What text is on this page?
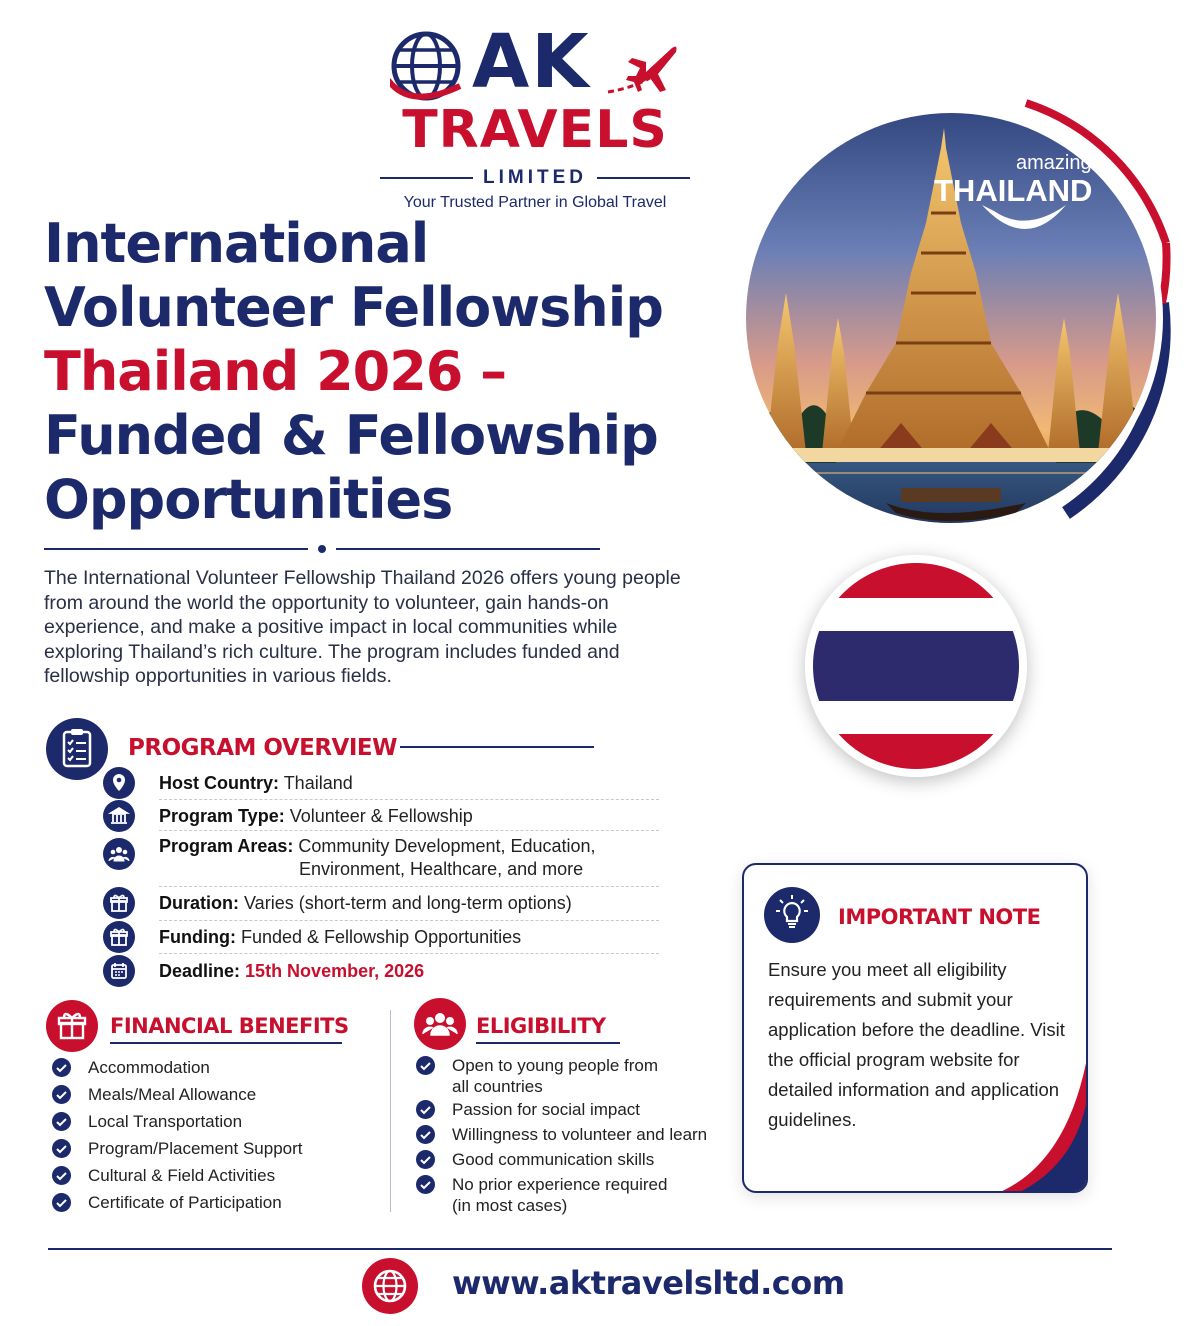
AK
TRAVELS
LIMITED
Your Trusted Partner in Global Travel
International
Volunteer Fellowship
Thailand 2026 –
Funded & Fellowship
Opportunities

The International Volunteer Fellowship Thailand 2026 offers young people from around the world the opportunity to volunteer, gain hands-on experience, and make a positive impact in local communities while exploring Thailand’s rich culture. The program includes funded and fellowship opportunities in various fields.

amazing
THAILAND
PROGRAM OVERVIEW
Host Country: Thailand
Program Type: Volunteer & Fellowship
Program Areas: Community Development, Education,
Environment, Healthcare, and more
Duration: Varies (short-term and long-term options)
Funding: Funded & Fellowship Opportunities
Deadline: 15th November, 2026
FINANCIAL BENEFITS
Accommodation
Meals/Meal Allowance
Local Transportation
Program/Placement Support
Cultural & Field Activities
Certificate of Participation
ELIGIBILITY
Open to young people from
all countries
Passion for social impact
Willingness to volunteer and learn
Good communication skills
No prior experience required
(in most cases)
IMPORTANT NOTE

Ensure you meet all eligibility requirements and submit your application before the deadline. Visit the official program website for detailed information and application guidelines.

www.aktravelsltd.com
